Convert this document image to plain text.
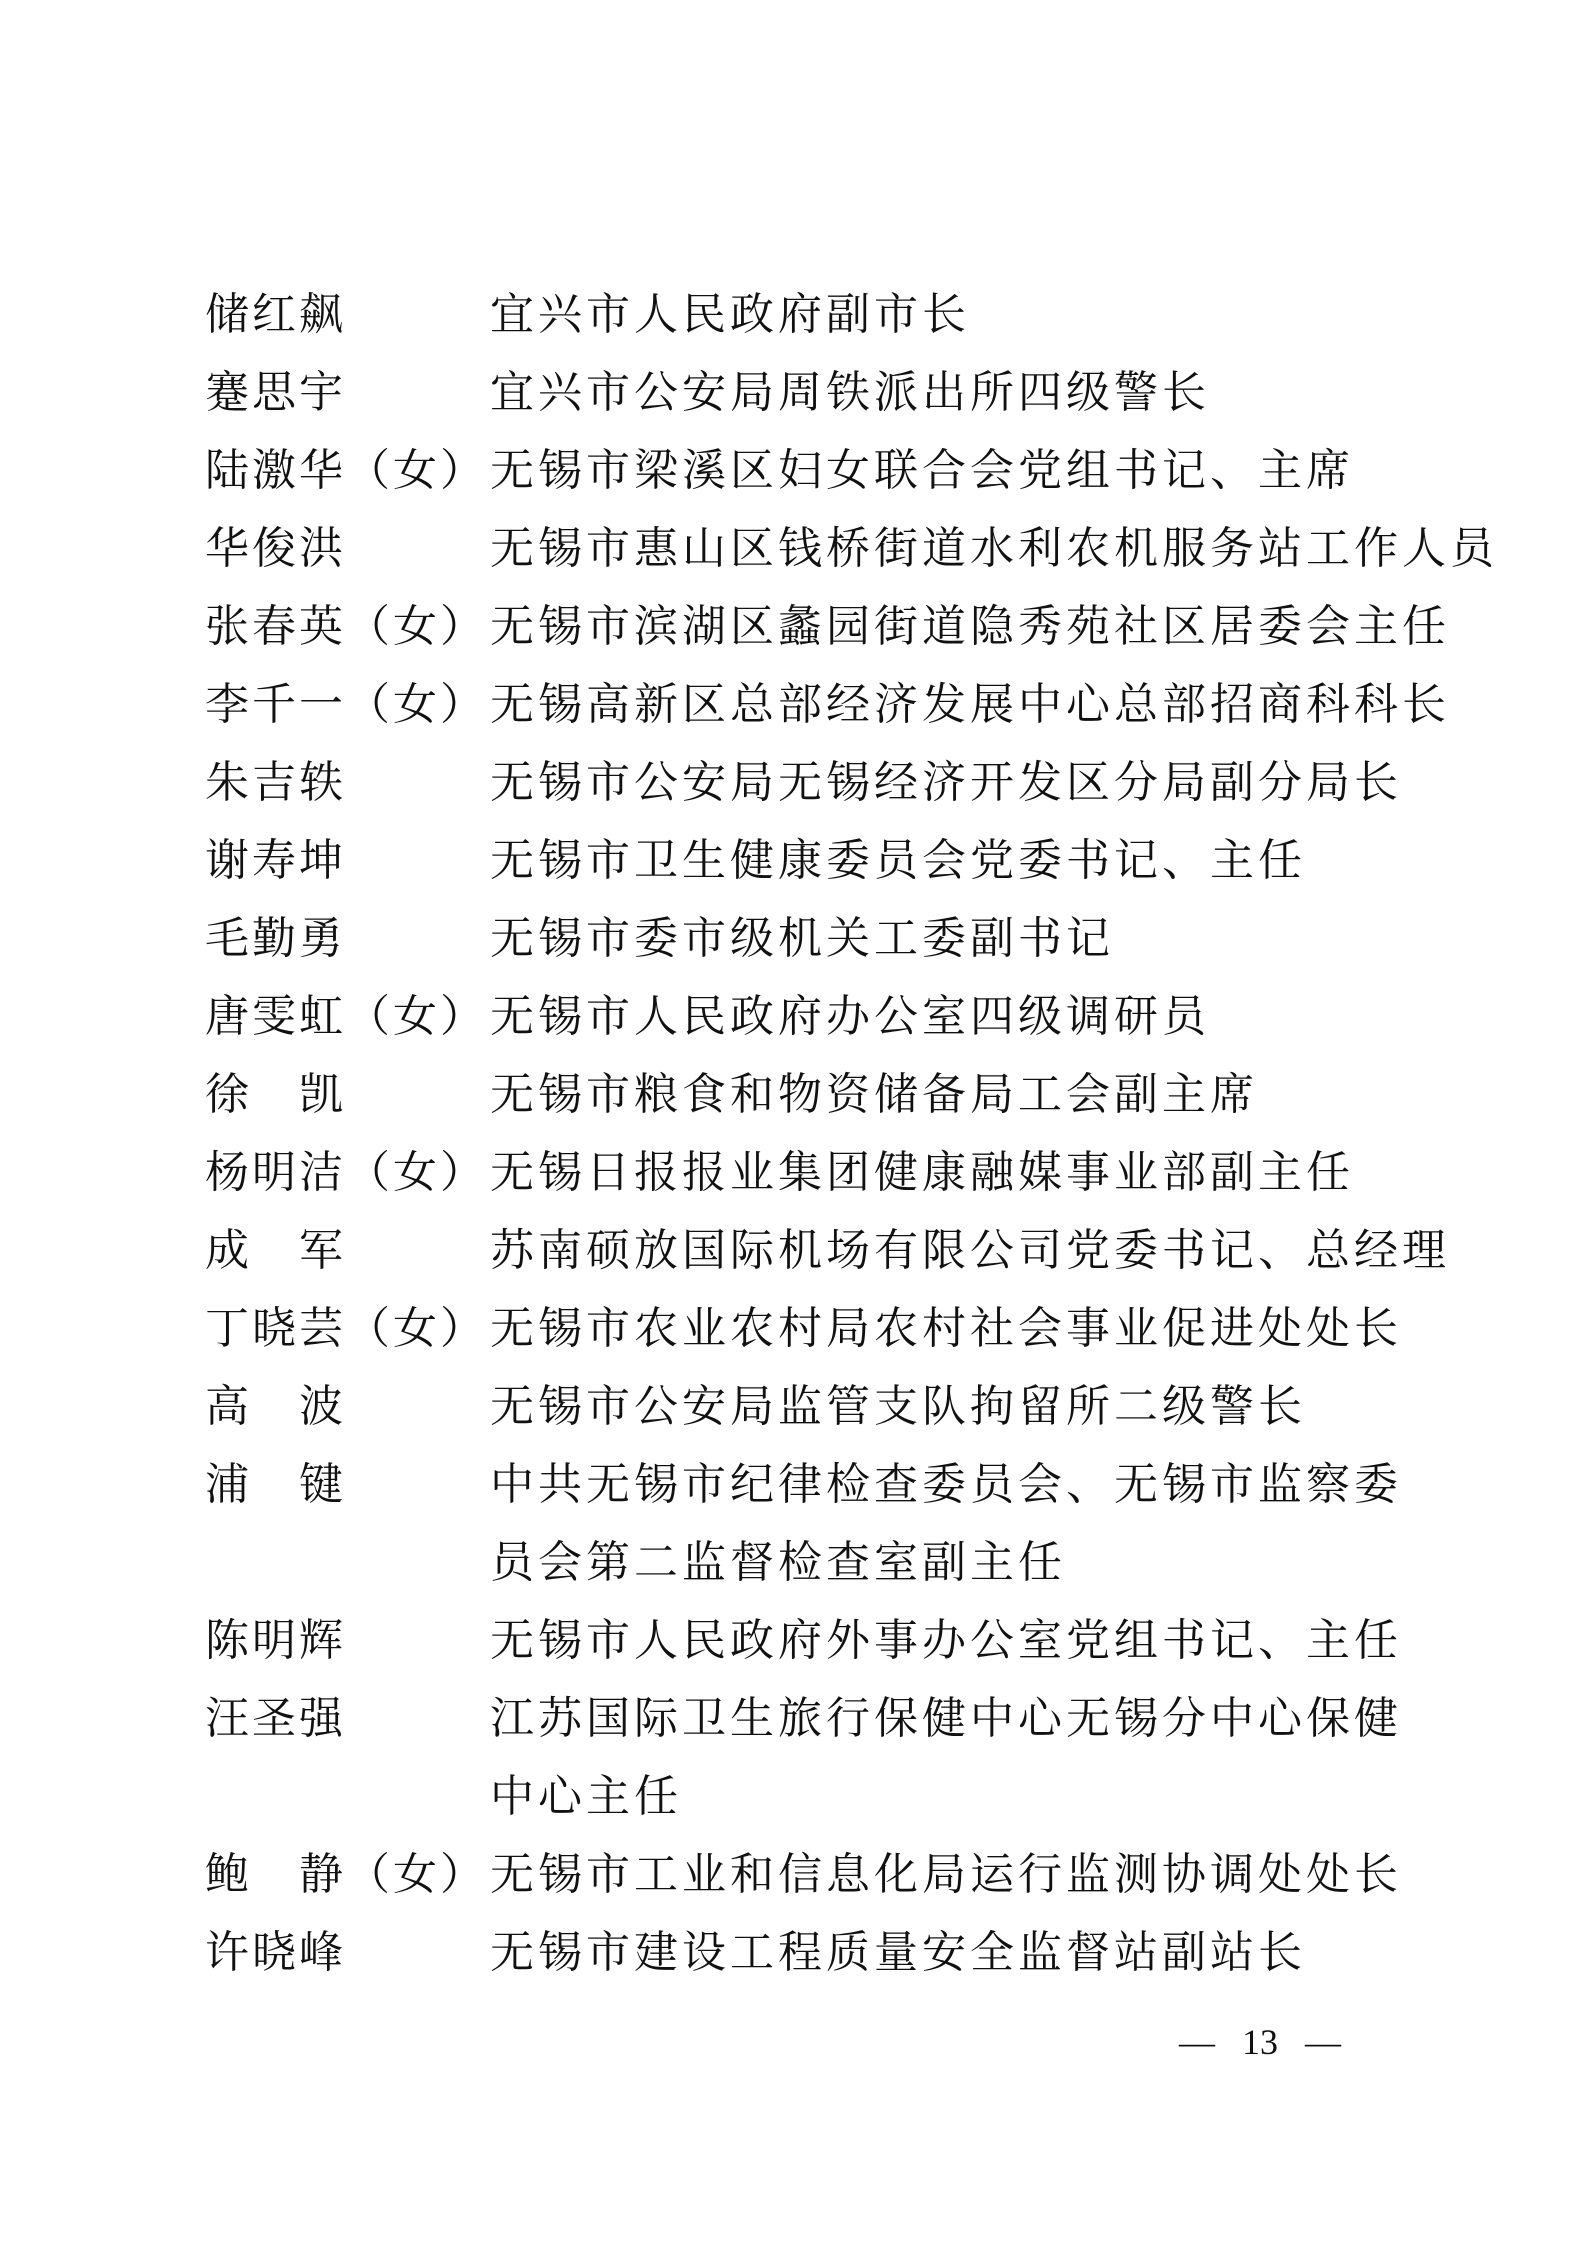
储红飙	宜兴市人民政府副市长
蹇思宇	宜兴市公安局周铁派出所四级警长
陆激华（女） 无锡市梁溪区妇女联合会党组书记、主席
华俊洪	无锡市惠山区钱桥街道水利农机服务站工作人员
张春英（女） 无锡市滨湖区蠡园街道隐秀苑社区居委会主任
李千一（女） 无锡高新区总部经济发展中心总部招商科科长
朱吉轶	无锡市公安局无锡经济开发区分局副分局长
谢寿坤	无锡市卫生健康委员会党委书记、主任
毛勤勇	无锡市委市级机关工委副书记
唐雯虹（女） 无锡市人民政府办公室四级调研员
徐　凯	无锡市粮食和物资储备局工会副主席
杨明洁（女） 无锡日报报业集团健康融媒事业部副主任
成　军	苏南硕放国际机场有限公司党委书记、总经理
丁晓芸（女） 无锡市农业农村局农村社会事业促进处处长
高　波	无锡市公安局监管支队拘留所二级警长
浦　键	中共无锡市纪律检查委员会、无锡市监察委
员会第二监督检查室副主任
陈明辉	无锡市人民政府外事办公室党组书记、主任
汪圣强	江苏国际卫生旅行保健中心无锡分中心保健
中心主任
鲍　静（女） 无锡市工业和信息化局运行监测协调处处长
许晓峰	无锡市建设工程质量安全监督站副站长
— 13 —
